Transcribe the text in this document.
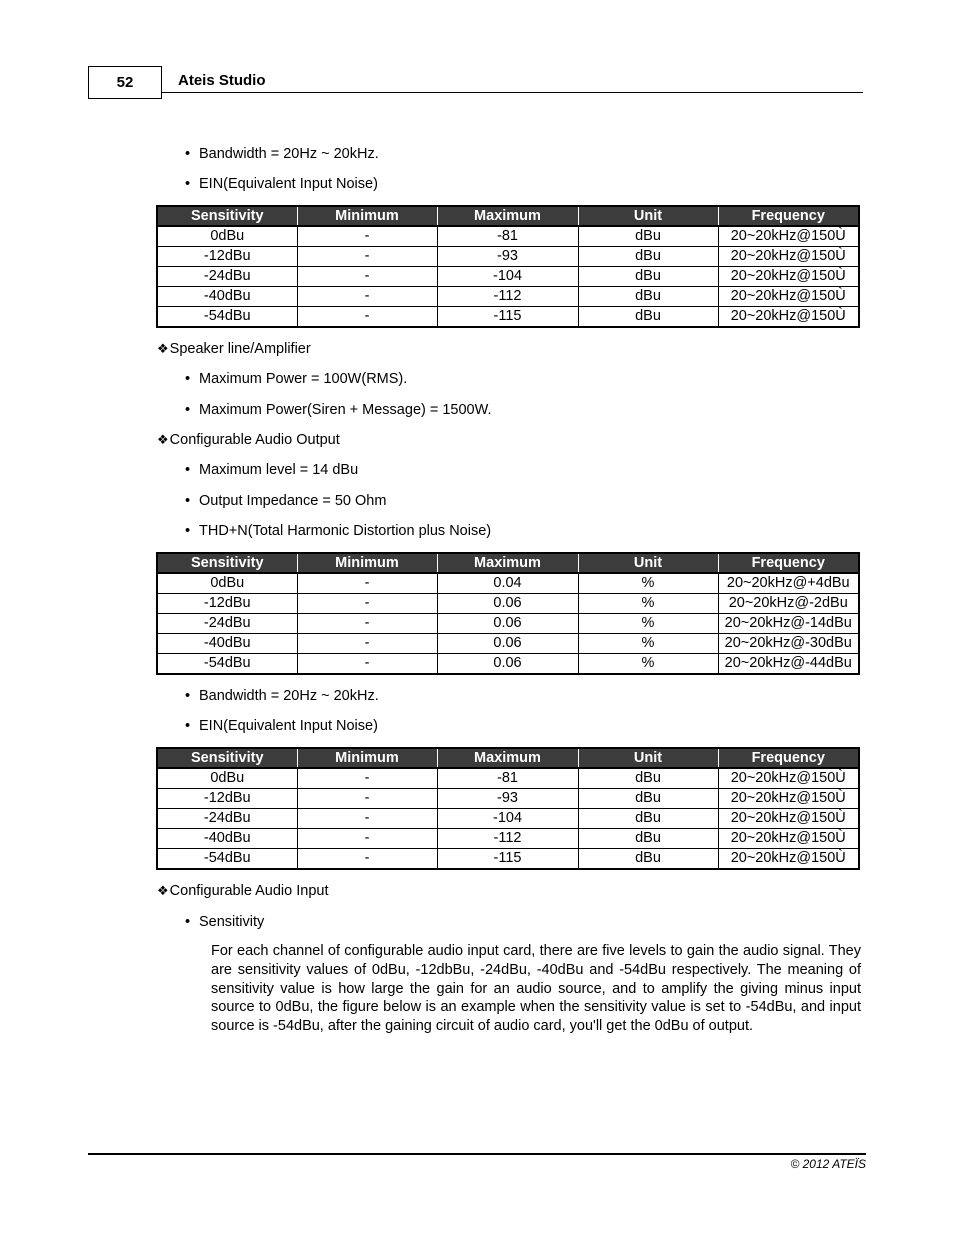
52	Ateis Studio
• Bandwidth = 20Hz ~ 20kHz.
• EIN(Equivalent Input Noise)
Sensitivity	Minimum	Maximum	Unit	Frequency
0dBu	-	-81	dBu	20~20kHz@150Ù
-12dBu	-	-93	dBu	20~20kHz@150Ù
-24dBu	-	-104	dBu	20~20kHz@150Ù
-40dBu	-	-112	dBu	20~20kHz@150Ù
-54dBu	-	-115	dBu	20~20kHz@150Ù
❖Speaker line/Amplifier
• Maximum Power = 100W(RMS).
• Maximum Power(Siren + Message) = 1500W.
❖Configurable Audio Output
• Maximum level = 14 dBu
• Output Impedance = 50 Ohm
• THD+N(Total Harmonic Distortion plus Noise)
Sensitivity	Minimum	Maximum	Unit	Frequency
0dBu	-	0.04	%	20~20kHz@+4dBu
-12dBu	-	0.06	%	20~20kHz@-2dBu
-24dBu	-	0.06	%	20~20kHz@-14dBu
-40dBu	-	0.06	%	20~20kHz@-30dBu
-54dBu	-	0.06	%	20~20kHz@-44dBu
• Bandwidth = 20Hz ~ 20kHz.
• EIN(Equivalent Input Noise)
Sensitivity	Minimum	Maximum	Unit	Frequency
0dBu	-	-81	dBu	20~20kHz@150Ù
-12dBu	-	-93	dBu	20~20kHz@150Ù
-24dBu	-	-104	dBu	20~20kHz@150Ù
-40dBu	-	-112	dBu	20~20kHz@150Ù
-54dBu	-	-115	dBu	20~20kHz@150Ù
❖Configurable Audio Input
• Sensitivity
For each channel of configurable audio input card, there are five levels to gain the audio signal. They are sensitivity values of 0dBu, -12dbBu, -24dBu, -40dBu and -54dBu respectively. The meaning of sensitivity value is how large the gain for an audio source, and to amplify the giving minus input source to 0dBu, the figure below is an example when the sensitivity value is set to -54dBu, and input source is -54dBu, after the gaining circuit of audio card, you'll get the 0dBu of output.
© 2012 ATEÏS
